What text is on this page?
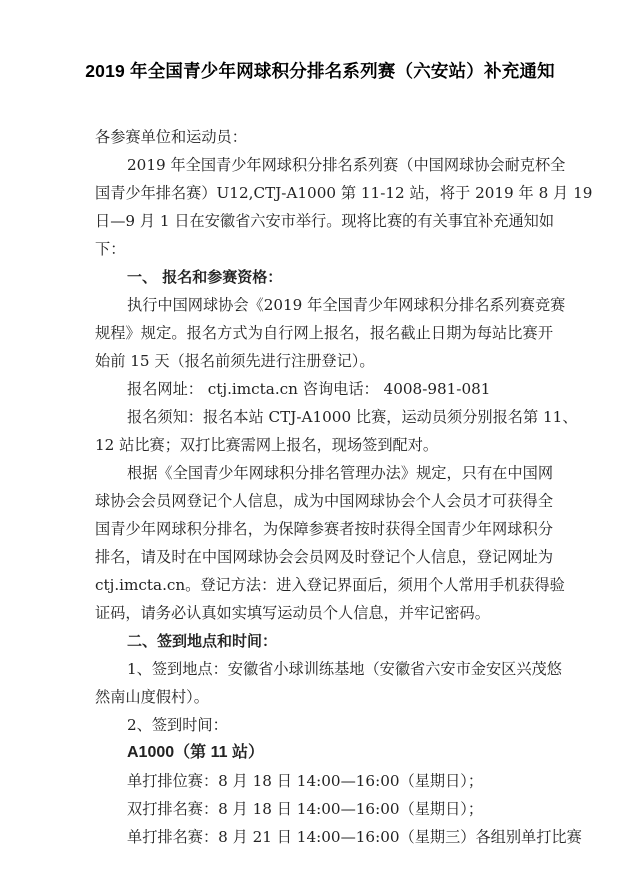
2019 年全国青少年网球积分排名系列赛（六安站）补充通知
各参赛单位和运动员：
2019 年全国青少年网球积分排名系列赛（中国网球协会耐克杯全
国青少年排名赛）U12,CTJ-A1000 第 11-12 站，将于 2019 年 8 月 19
日—9 月 1 日在安徽省六安市举行。现将比赛的有关事宜补充通知如
下：
一、 报名和参赛资格：
执行中国网球协会《2019 年全国青少年网球积分排名系列赛竞赛
规程》规定。报名方式为自行网上报名，报名截止日期为每站比赛开
始前 15 天（报名前须先进行注册登记）。
报名网址： ctj.imcta.cn 咨询电话： 4008-981-081
报名须知：报名本站 CTJ-A1000 比赛，运动员须分别报名第 11、
12 站比赛；双打比赛需网上报名，现场签到配对。
根据《全国青少年网球积分排名管理办法》规定，只有在中国网
球协会会员网登记个人信息，成为中国网球协会个人会员才可获得全
国青少年网球积分排名，为保障参赛者按时获得全国青少年网球积分
排名，请及时在中国网球协会会员网及时登记个人信息，登记网址为
ctj.imcta.cn。登记方法：进入登记界面后，须用个人常用手机获得验
证码，请务必认真如实填写运动员个人信息，并牢记密码。
二、签到地点和时间：
1、签到地点：安徽省小球训练基地（安徽省六安市金安区兴茂悠
然南山度假村）。
2、签到时间：
A1000（第 11 站）
单打排位赛：8 月 18 日 14:00—16:00（星期日）；
双打排名赛：8 月 18 日 14:00—16:00（星期日）；
单打排名赛：8 月 21 日 14:00—16:00（星期三）各组别单打比赛
